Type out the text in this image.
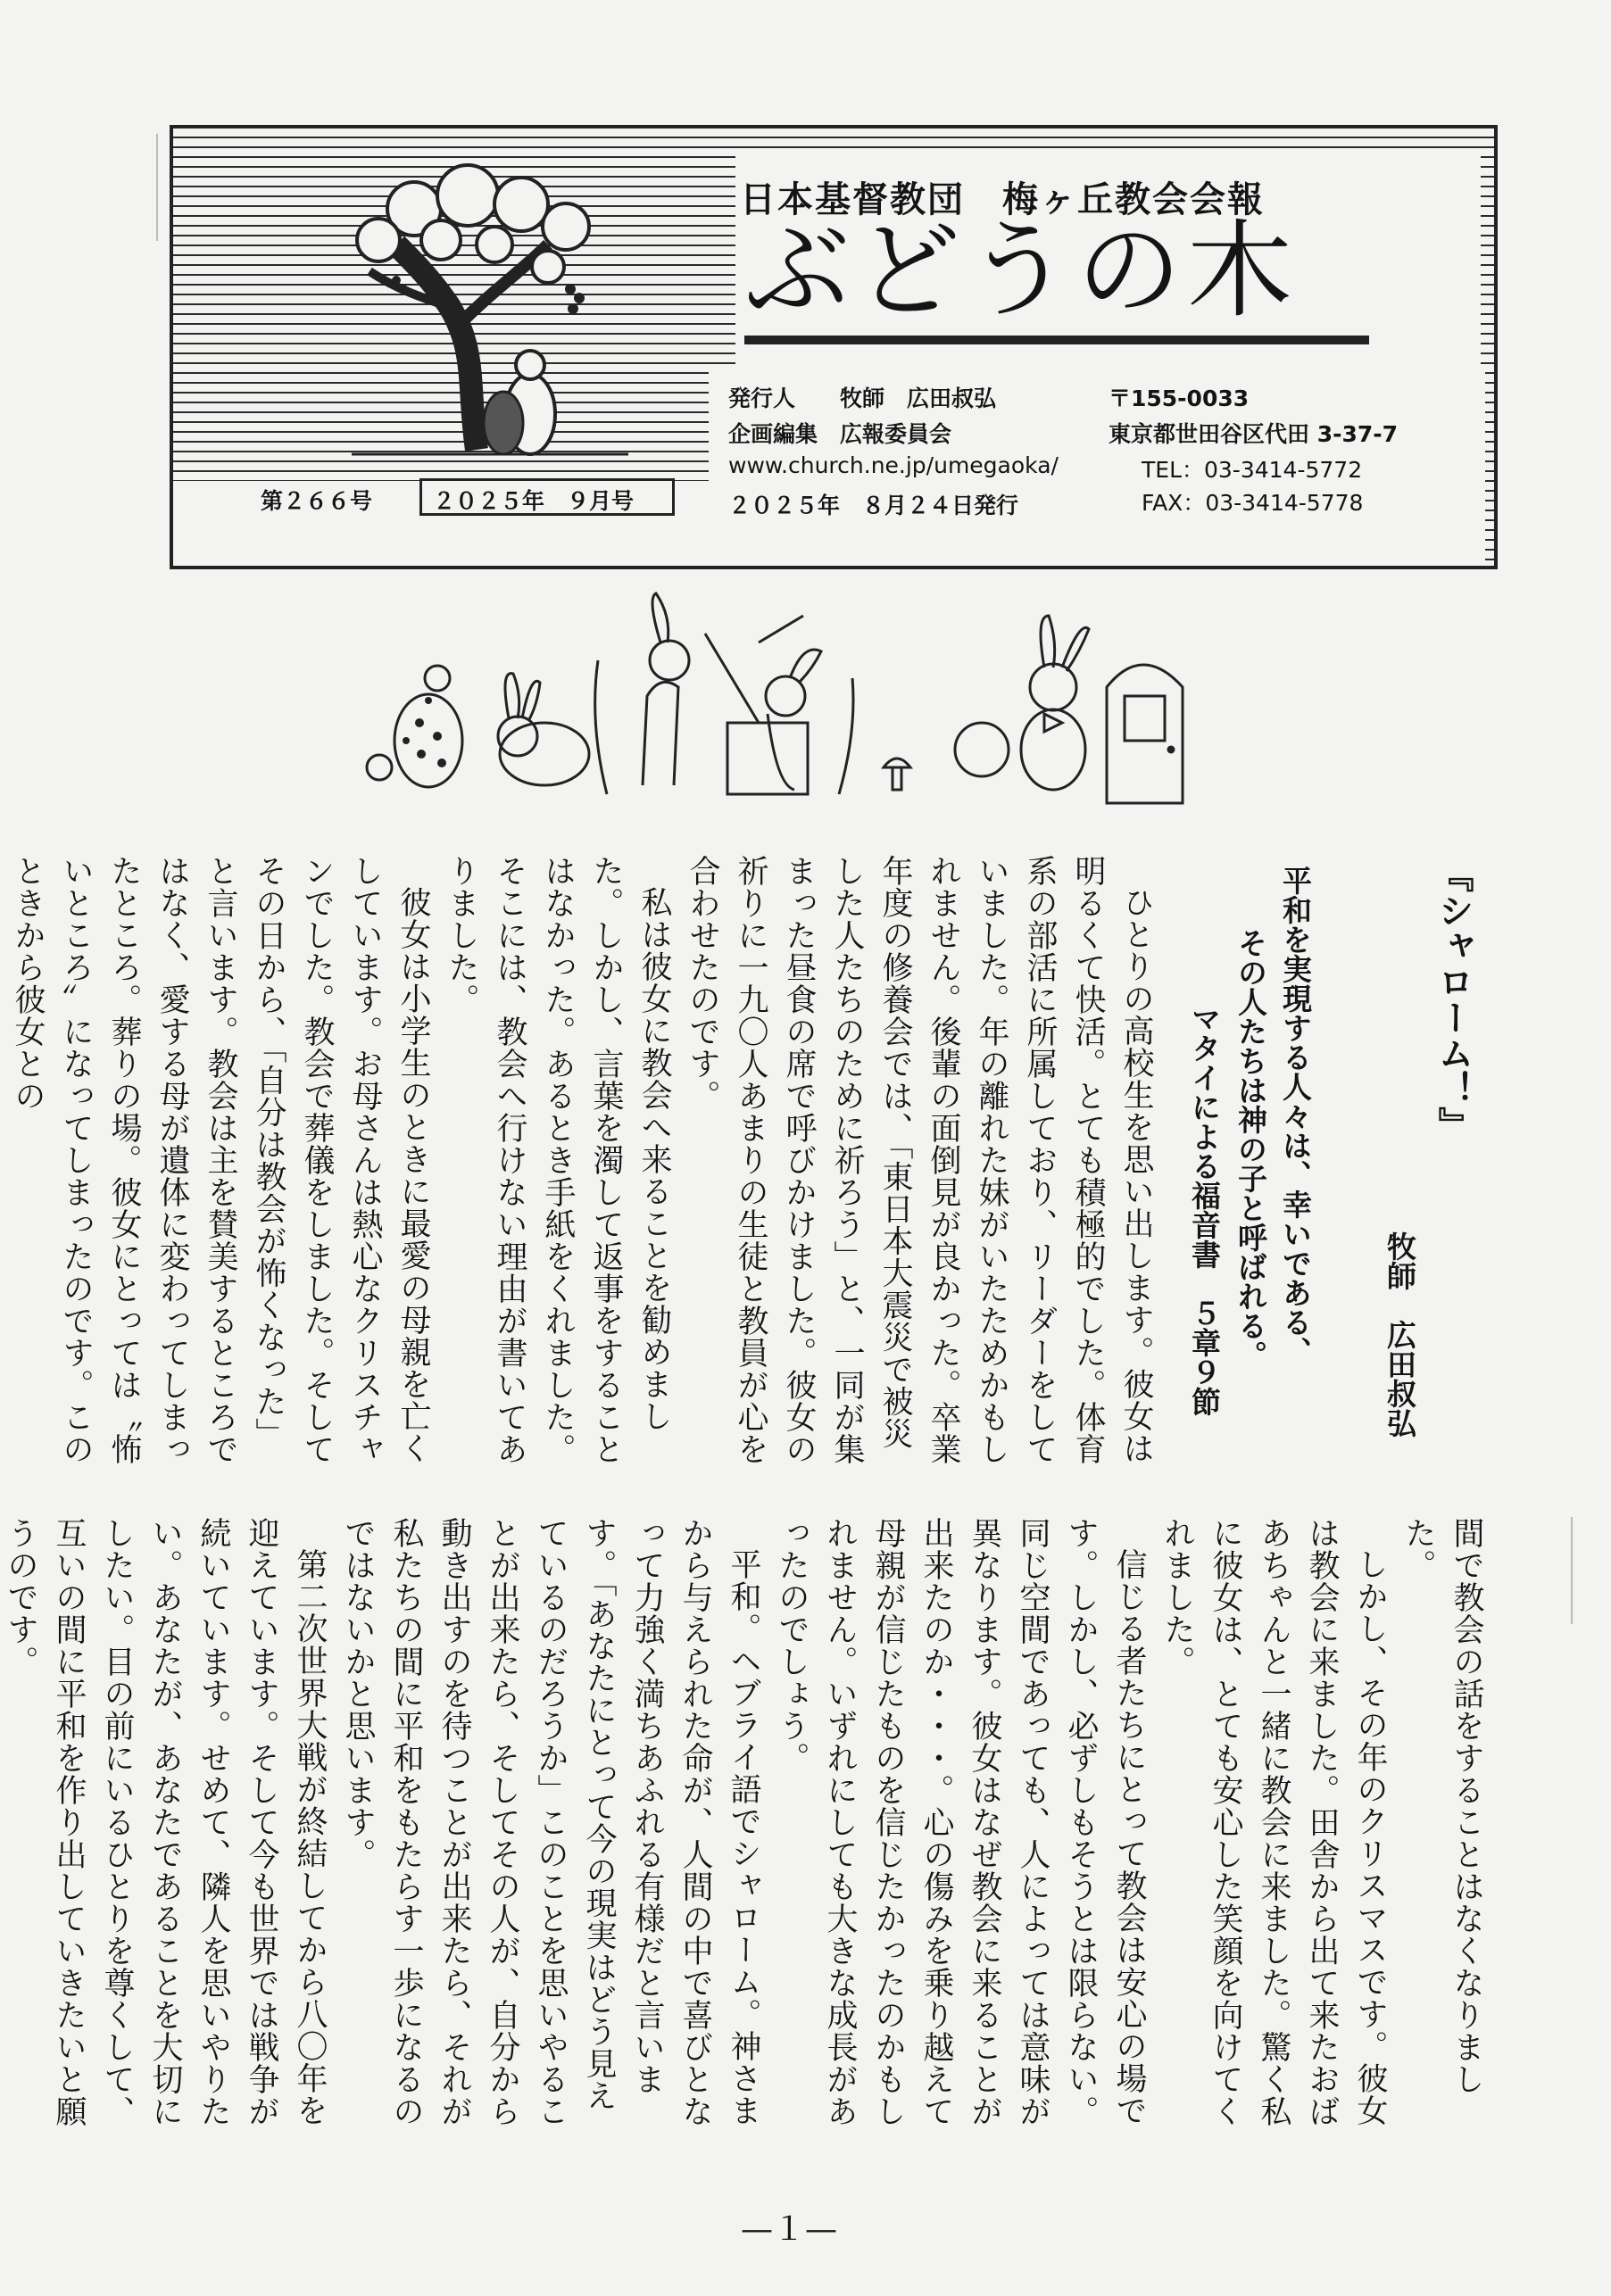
日本基督教団　梅ヶ丘教会会報
ぶどうの木
発行人　　牧師　広田叔弘
企画編集　広報委員会
www.church.ne.jp/umegaoka/
２０２５年　８月２４日発行
〒155-0033
東京都世田谷区代田 3-37-7
TEL：03-3414-5772
FAX：03-3414-5778
第２６６号	２０２５年　９月号
『シャローム！』
牧師　広田叔弘
平和を実現する人々は、幸いである、
その人たちは神の子と呼ばれる。
マタイによる福音書　５章９節

ひとりの高校生を思い出します。彼女は明るくて快活。とても積極的でした。体育系の部活に所属しており、リーダーをしていました。年の離れた妹がいたためかもしれません。後輩の面倒見が良かった。卒業年度の修養会では、「東日本大震災で被災した人たちのために祈ろう」と、一同が集まった昼食の席で呼びかけました。彼女の祈りに一九〇人あまりの生徒と教員が心を合わせたのです。

私は彼女に教会へ来ることを勧めました。しかし、言葉を濁して返事をすることはなかった。あるとき手紙をくれました。そこには、教会へ行けない理由が書いてありました。

彼女は小学生のときに最愛の母親を亡くしています。お母さんは熱心なクリスチャンでした。教会で葬儀をしました。そしてその日から、「自分は教会が怖くなった」と言います。教会は主を賛美するところではなく、愛する母が遺体に変わってしまったところ。葬りの場。彼女にとっては〝怖いところ〟になってしまったのです。このときから彼女との

間で教会の話をすることはなくなりました。

しかし、その年のクリスマスです。彼女は教会に来ました。田舎から出て来たおばあちゃんと一緒に教会に来ました。驚く私に彼女は、とても安心した笑顔を向けてくれました。

信じる者たちにとって教会は安心の場です。しかし、必ずしもそうとは限らない。同じ空間であっても、人によっては意味が異なります。彼女はなぜ教会に来ることが出来たのか・・・。心の傷みを乗り越えて母親が信じたものを信じたかったのかもしれません。いずれにしても大きな成長があったのでしょう。

平和。ヘブライ語でシャローム。神さまから与えられた命が、人間の中で喜びとなって力強く満ちあふれる有様だと言います。「あなたにとって今の現実はどう見えているのだろうか」このことを思いやることが出来たら、そしてその人が、自分から動き出すのを待つことが出来たら、それが私たちの間に平和をもたらす一歩になるのではないかと思います。

第二次世界大戦が終結してから八〇年を迎えています。そして今も世界では戦争が続いています。せめて、隣人を思いやりたい。あなたが、あなたであることを大切にしたい。目の前にいるひとりを尊くして、互いの間に平和を作り出していきたいと願うのです。

—１—
